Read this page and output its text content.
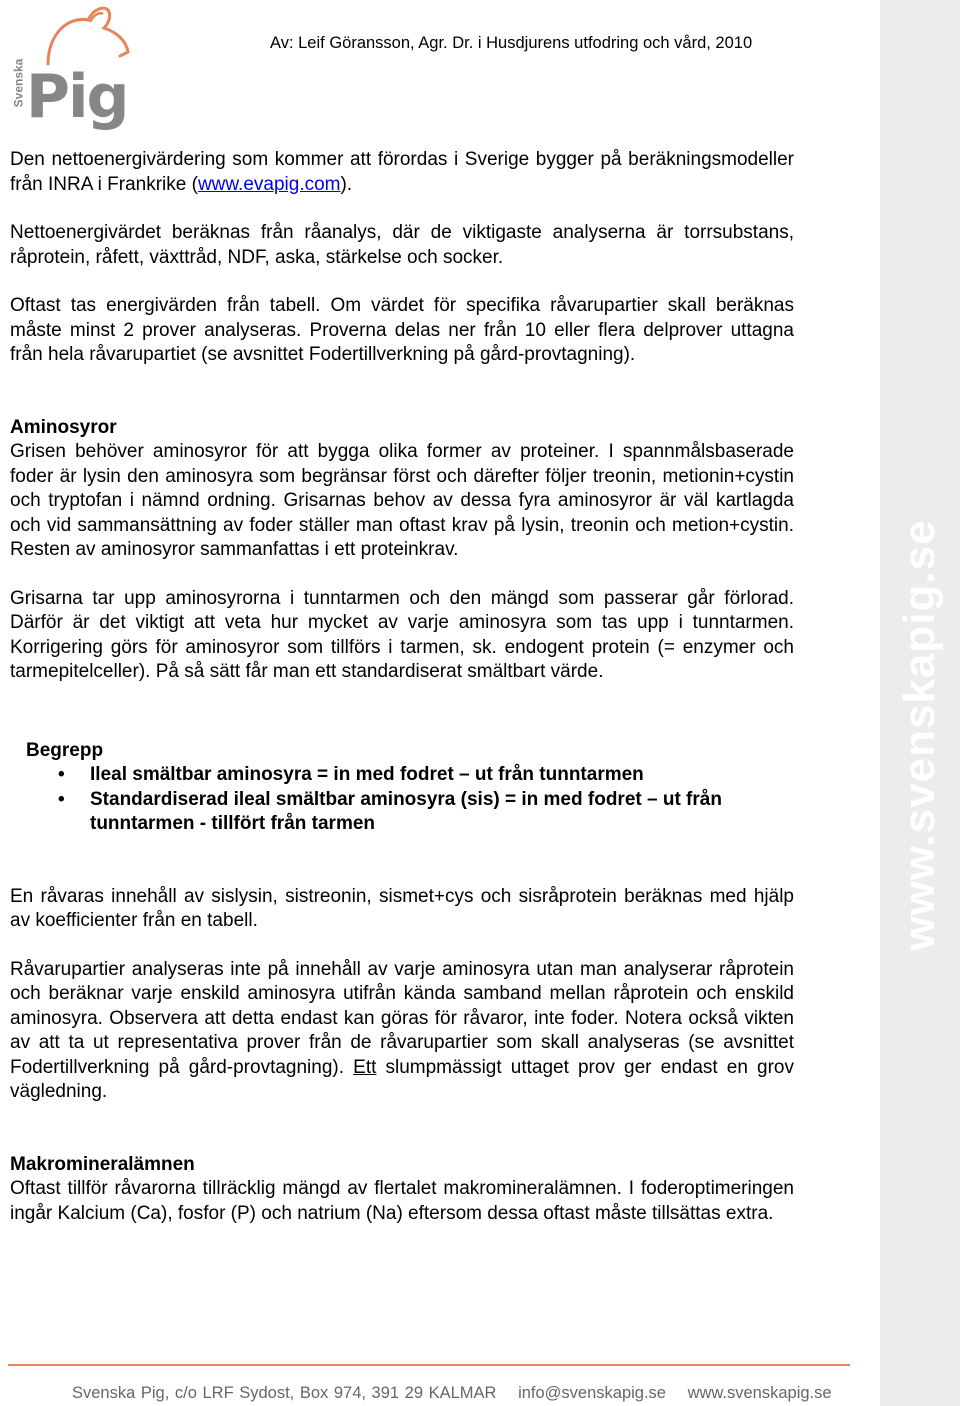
www.svenskapig.se
Svenska Pig
Av: Leif Göransson, Agr. Dr. i Husdjurens utfodring och vård, 2010

Den nettoenergivärdering som kommer att förordas i Sverige bygger på beräkningsmodeller från INRA i Frankrike (www.evapig.com).

Nettoenergivärdet beräknas från råanalys, där de viktigaste analyserna är torrsubstans, råprotein, råfett, växttråd, NDF, aska, stärkelse och socker.

Oftast tas energivärden från tabell. Om värdet för specifika råvarupartier skall beräknas måste minst 2 prover analyseras. Proverna delas ner från 10 eller flera delprover uttagna från hela råvarupartiet (se avsnittet Fodertillverkning på gård-provtagning).

Aminosyror

Grisen behöver aminosyror för att bygga olika former av proteiner. I spannmålsbaserade foder är lysin den aminosyra som begränsar först och därefter följer treonin, metionin+cystin och tryptofan i nämnd ordning. Grisarnas behov av dessa fyra aminosyror är väl kartlagda och vid sammansättning av foder ställer man oftast krav på lysin, treonin och metion+cystin. Resten av aminosyror sammanfattas i ett proteinkrav.

Grisarna tar upp aminosyrorna i tunntarmen och den mängd som passerar går förlorad. Därför är det viktigt att veta hur mycket av varje aminosyra som tas upp i tunntarmen. Korrigering görs för aminosyror som tillförs i tarmen, sk. endogent protein (= enzymer och tarmepitelceller). På så sätt får man ett standardiserat smältbart värde.

Begrepp

• Ileal smältbar aminosyra = in med fodret – ut från tunntarmen
• Standardiserad ileal smältbar aminosyra (sis) = in med fodret – ut från tunntarmen - tillfört från tarmen

En råvaras innehåll av sislysin, sistreonin, sismet+cys och sisråprotein beräknas med hjälp av koefficienter från en tabell.

Råvarupartier analyseras inte på innehåll av varje aminosyra utan man analyserar råprotein och beräknar varje enskild aminosyra utifrån kända samband mellan råprotein och enskild aminosyra. Observera att detta endast kan göras för råvaror, inte foder. Notera också vikten av att ta ut representativa prover från de råvarupartier som skall analyseras (se avsnittet Fodertillverkning på gård-provtagning). Ett slumpmässigt uttaget prov ger endast en grov vägledning.

Makromineralämnen

Oftast tillför råvarorna tillräcklig mängd av flertalet makromineralämnen. I foderoptimeringen ingår Kalcium (Ca), fosfor (P) och natrium (Na) eftersom dessa oftast måste tillsättas extra.

Svenska Pig, c/o LRF Sydost, Box 974, 391 29 KALMAR info@svenskapig.se www.svenskapig.se
